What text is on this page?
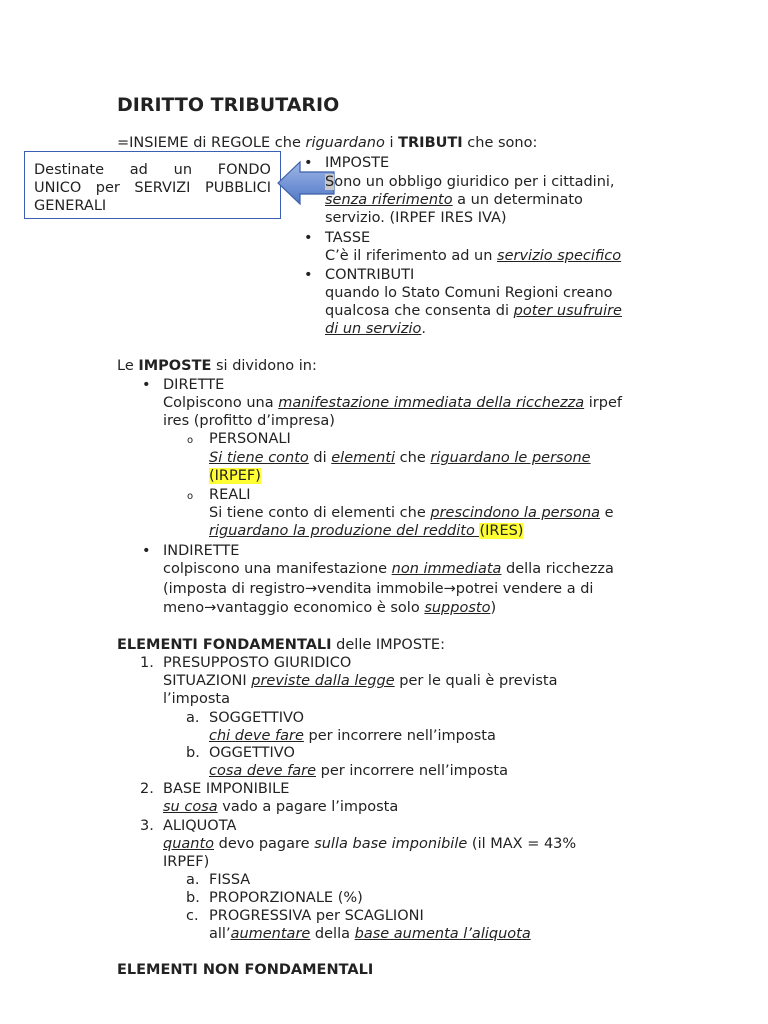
DIRITTO TRIBUTARIO
=INSIEME di REGOLE che riguardano i TRIBUTI che sono:
Destinate ad un FONDO
UNICO per SERVIZI PUBBLICI
GENERALI
• IMPOSTE
Sono un obbligo giuridico per i cittadini,
senza riferimento a un determinato
servizio. (IRPEF IRES IVA)
• TASSE
C’è il riferimento ad un servizio specifico
• CONTRIBUTI
quando lo Stato Comuni Regioni creano
qualcosa che consenta di poter usufruire
di un servizio.
Le IMPOSTE si dividono in:
• DIRETTE
Colpiscono una manifestazione immediata della ricchezza irpef
ires (profitto d’impresa)
o PERSONALI
Si tiene conto di elementi che riguardano le persone
(IRPEF)
o REALI
Si tiene conto di elementi che prescindono la persona e
riguardano la produzione del reddito (IRES)
• INDIRETTE
colpiscono una manifestazione non immediata della ricchezza
(imposta di registro→vendita immobile→potrei vendere a di
meno→vantaggio economico è solo supposto)
ELEMENTI FONDAMENTALI delle IMPOSTE:
1. PRESUPPOSTO GIURIDICO
SITUAZIONI previste dalla legge per le quali è prevista
l’imposta
a. SOGGETTIVO
chi deve fare per incorrere nell’imposta
b. OGGETTIVO
cosa deve fare per incorrere nell’imposta
2. BASE IMPONIBILE
su cosa vado a pagare l’imposta
3. ALIQUOTA
quanto devo pagare sulla base imponibile (il MAX = 43%
IRPEF)
a. FISSA
b. PROPORZIONALE (%)
c. PROGRESSIVA per SCAGLIONI
all’aumentare della base aumenta l’aliquota
ELEMENTI NON FONDAMENTALI
